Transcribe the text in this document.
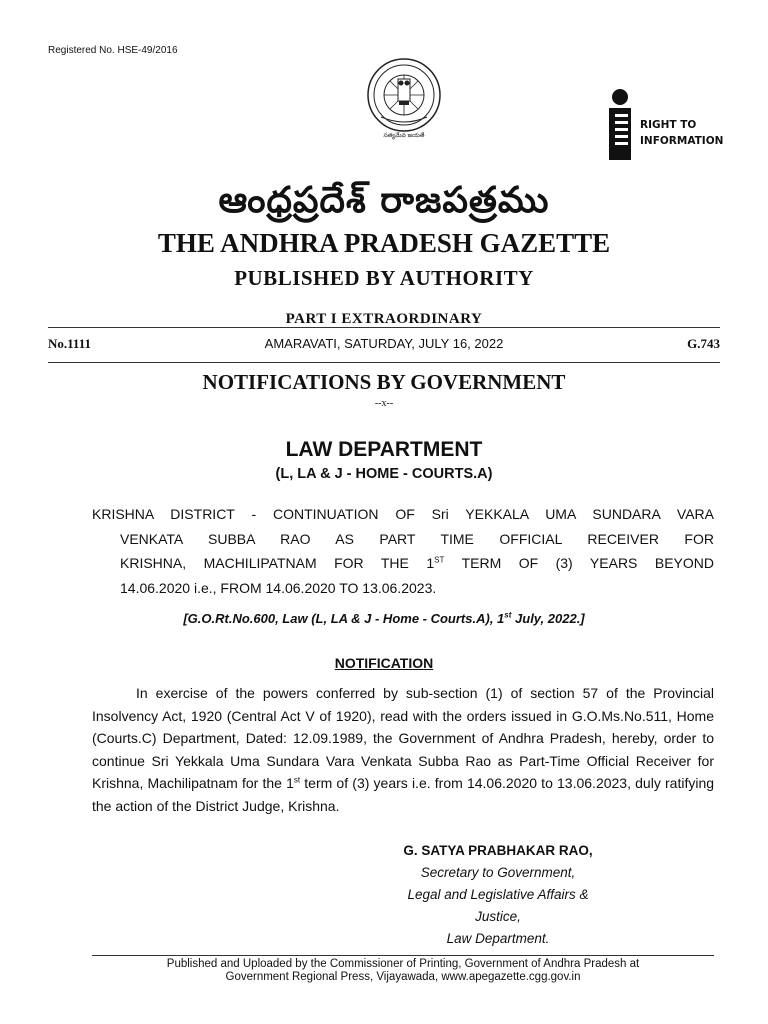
Registered No. HSE-49/2016
సత్యమేవ జయతే
RIGHT TO
INFORMATION
ఆంధ్రప్రదేశ్ రాజపత్రము
THE ANDHRA PRADESH GAZETTE
PUBLISHED BY AUTHORITY
PART I EXTRAORDINARY
No.1111	AMARAVATI, SATURDAY, JULY 16, 2022	G.743
NOTIFICATIONS BY GOVERNMENT
--x--
LAW DEPARTMENT
(L, LA & J - HOME - COURTS.A)
KRISHNA DISTRICT - CONTINUATION OF Sri YEKKALA UMA SUNDARA VARA
VENKATA SUBBA RAO AS PART TIME OFFICIAL RECEIVER FOR
KRISHNA, MACHILIPATNAM FOR THE 1ST TERM OF (3) YEARS BEYOND
14.06.2020 i.e., FROM 14.06.2020 TO 13.06.2023.
[G.O.Rt.No.600, Law (L, LA & J - Home - Courts.A), 1st July, 2022.]
NOTIFICATION

In exercise of the powers conferred by sub-section (1) of section 57 of the Provincial Insolvency Act, 1920 (Central Act V of 1920), read with the orders issued in G.O.Ms.No.511, Home (Courts.C) Department, Dated: 12.09.1989, the Government of Andhra Pradesh, hereby, order to continue Sri Yekkala Uma Sundara Vara Venkata Subba Rao as Part-Time Official Receiver for Krishna, Machilipatnam for the 1st term of (3) years i.e. from 14.06.2020 to 13.06.2023, duly ratifying the action of the District Judge, Krishna.

G. SATYA PRABHAKAR RAO,
Secretary to Government,
Legal and Legislative Affairs & Justice,
Law Department.
Published and Uploaded by the Commissioner of Printing, Government of Andhra Pradesh at
Government Regional Press, Vijayawada, www.apegazette.cgg.gov.in
